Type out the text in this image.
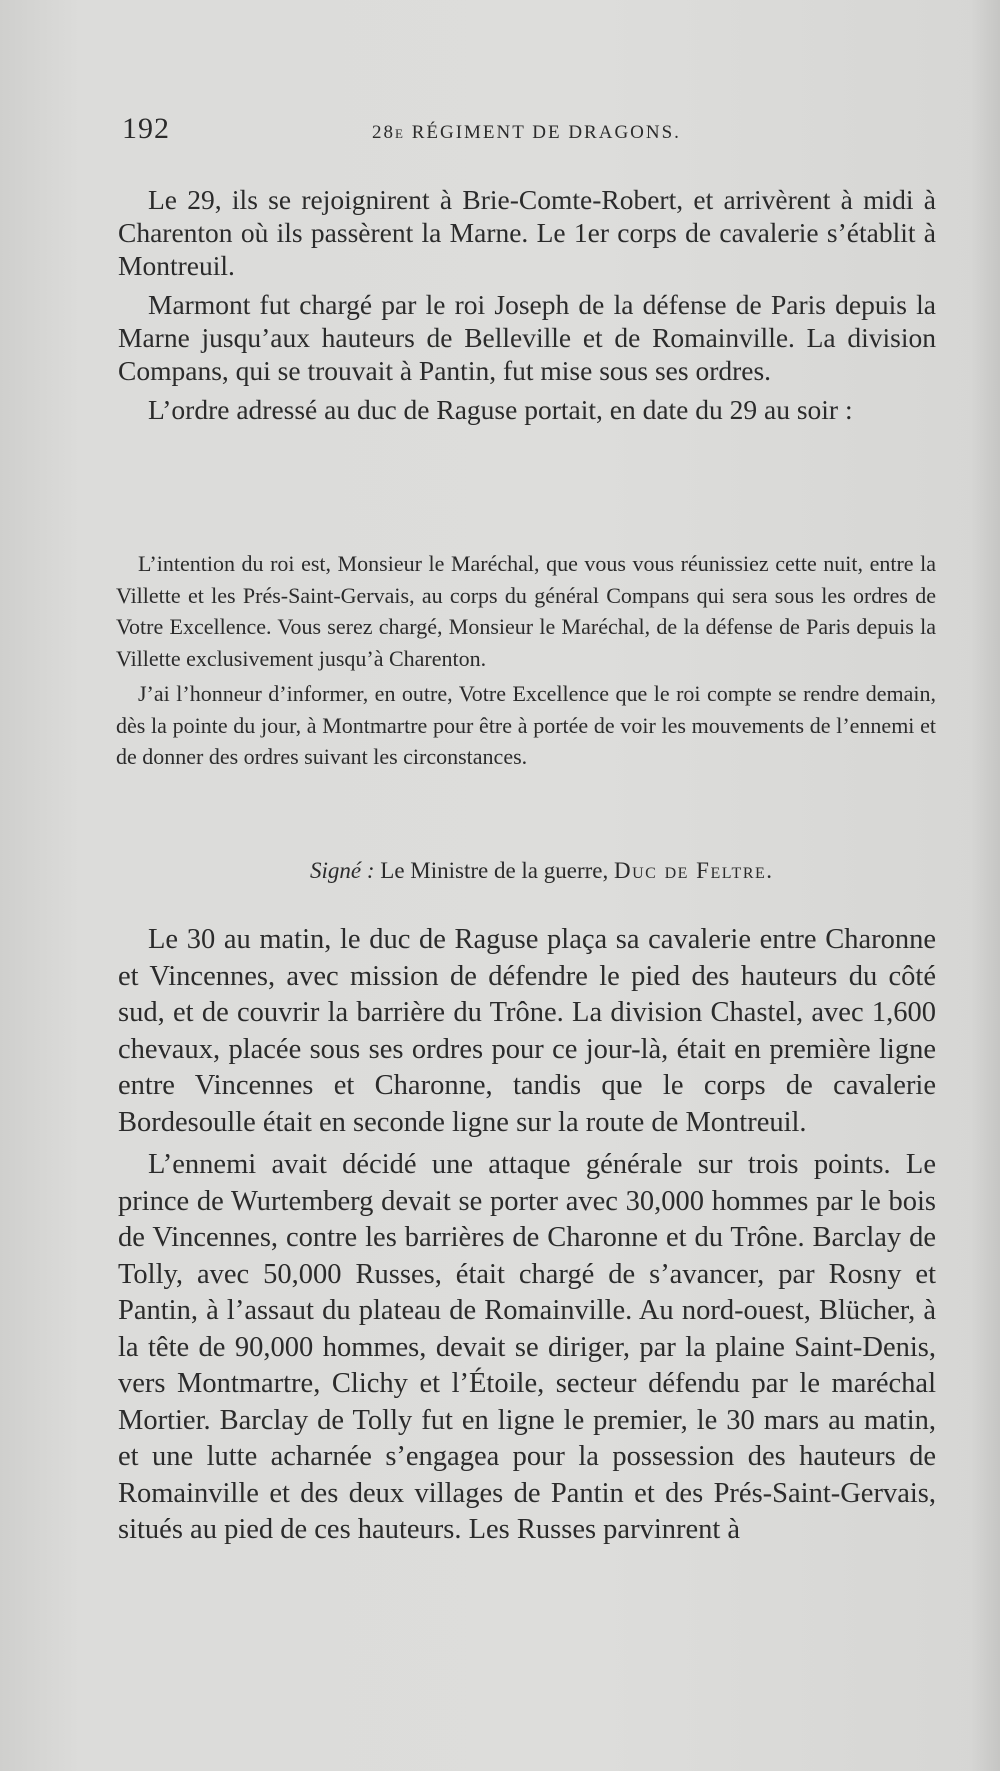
192	28e RÉGIMENT DE DRAGONS.

Le 29, ils se rejoignirent à Brie-Comte-Robert, et arrivèrent à midi à Charenton où ils passèrent la Marne. Le 1er corps de cavalerie s’établit à Montreuil.

Marmont fut chargé par le roi Joseph de la défense de Paris depuis la Marne jusqu’aux hauteurs de Belleville et de Romainville. La division Compans, qui se trouvait à Pantin, fut mise sous ses ordres.

L’ordre adressé au duc de Raguse portait, en date du 29 au soir :

L’intention du roi est, Monsieur le Maréchal, que vous vous réunissiez cette nuit, entre la Villette et les Prés-Saint-Gervais, au corps du général Compans qui sera sous les ordres de Votre Excellence. Vous serez chargé, Monsieur le Maréchal, de la défense de Paris depuis la Villette exclusivement jusqu’à Charenton.

J’ai l’honneur d’informer, en outre, Votre Excellence que le roi compte se rendre demain, dès la pointe du jour, à Montmartre pour être à portée de voir les mouvements de l’ennemi et de donner des ordres suivant les circonstances.

Signé : Le Ministre de la guerre, Duc de Feltre.

Le 30 au matin, le duc de Raguse plaça sa cavalerie entre Charonne et Vincennes, avec mission de défendre le pied des hauteurs du côté sud, et de couvrir la barrière du Trône. La division Chastel, avec 1,600 chevaux, placée sous ses ordres pour ce jour-là, était en première ligne entre Vincennes et Charonne, tandis que le corps de cavalerie Bordesoulle était en seconde ligne sur la route de Montreuil.

L’ennemi avait décidé une attaque générale sur trois points. Le prince de Wurtemberg devait se porter avec 30,000 hommes par le bois de Vincennes, contre les barrières de Charonne et du Trône. Barclay de Tolly, avec 50,000 Russes, était chargé de s’avancer, par Rosny et Pantin, à l’assaut du plateau de Romainville. Au nord-ouest, Blücher, à la tête de 90,000 hommes, devait se diriger, par la plaine Saint-Denis, vers Montmartre, Clichy et l’Étoile, secteur défendu par le maréchal Mortier. Barclay de Tolly fut en ligne le premier, le 30 mars au matin, et une lutte acharnée s’engagea pour la possession des hauteurs de Romainville et des deux villages de Pantin et des Prés-Saint-Gervais, situés au pied de ces hauteurs. Les Russes parvinrent à
